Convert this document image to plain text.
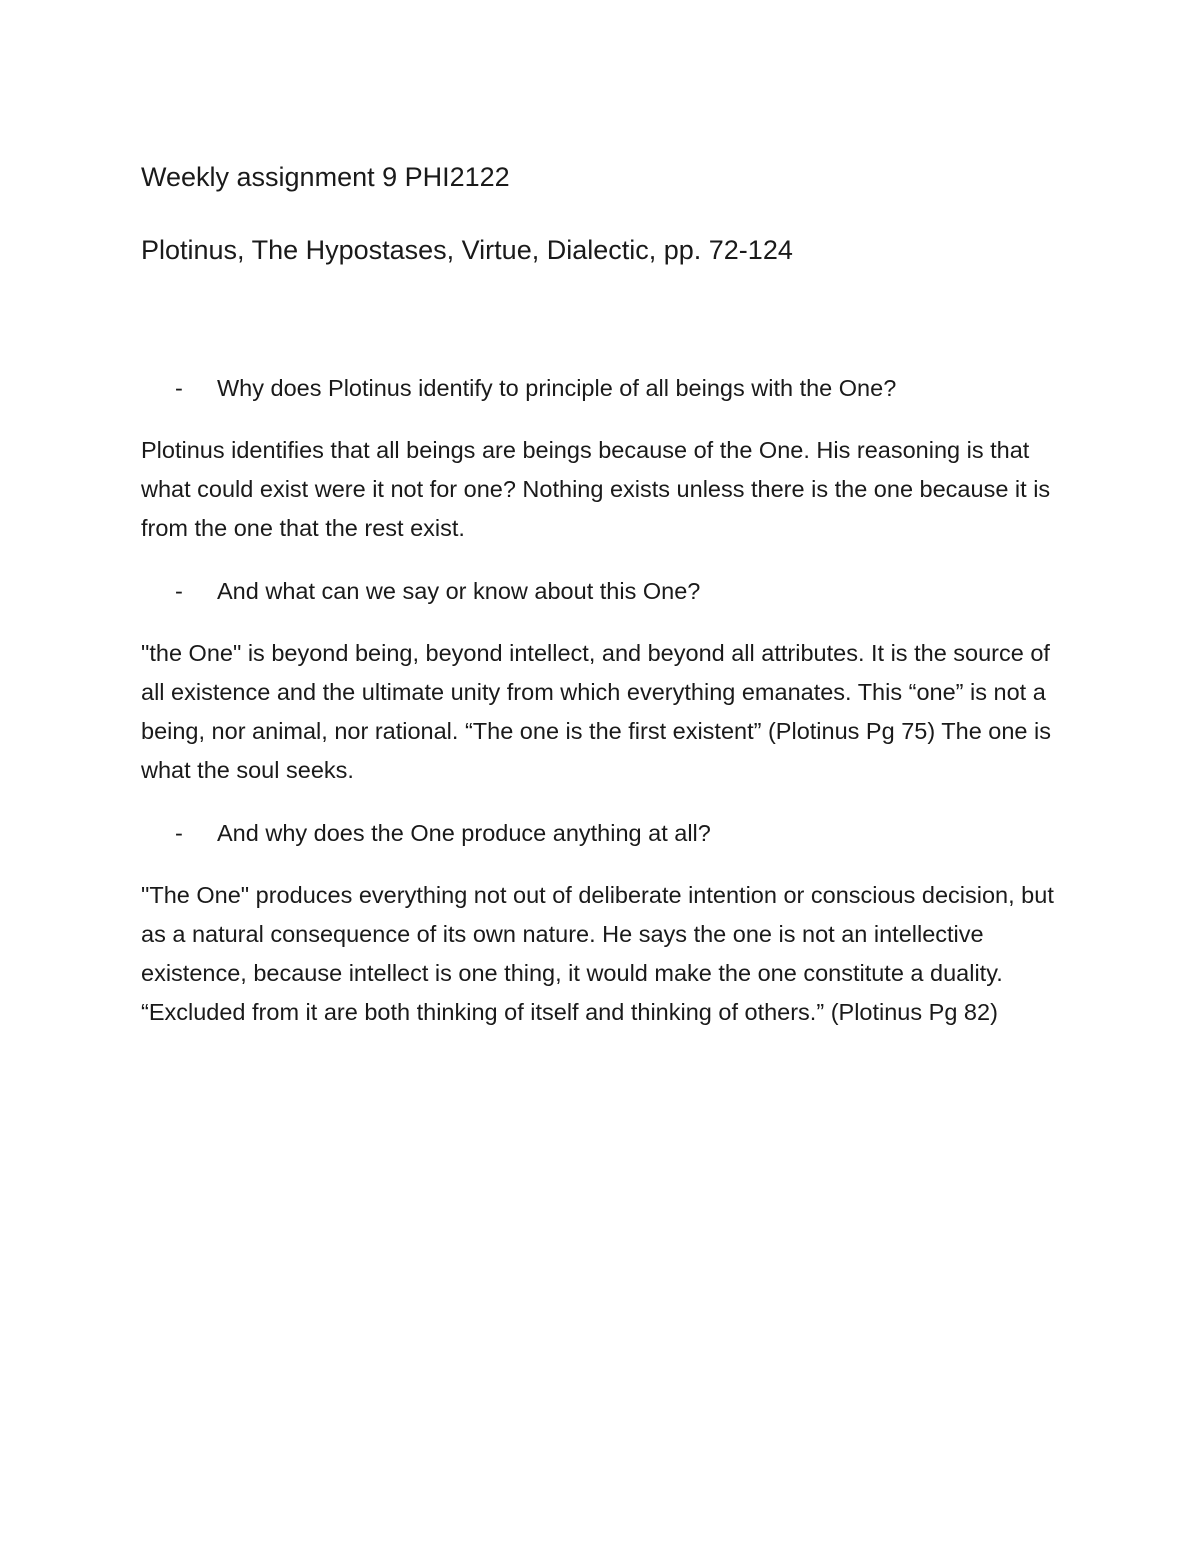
Weekly assignment 9 PHI2122

Plotinus, The Hypostases, Virtue, Dialectic, pp. 72-124

- Why does Plotinus identify to principle of all beings with the One?

Plotinus identifies that all beings are beings because of the One. His reasoning is that what could exist were it not for one? Nothing exists unless there is the one because it is from the one that the rest exist.

- And what can we say or know about this One?

"the One" is beyond being, beyond intellect, and beyond all attributes. It is the source of all existence and the ultimate unity from which everything emanates. This “one” is not a being, nor animal, nor rational. “The one is the first existent” (Plotinus Pg 75) The one is what the soul seeks.

- And why does the One produce anything at all?

"The One" produces everything not out of deliberate intention or conscious decision, but as a natural consequence of its own nature. He says the one is not an intellective existence, because intellect is one thing, it would make the one constitute a duality. “Excluded from it are both thinking of itself and thinking of others.” (Plotinus Pg 82)
